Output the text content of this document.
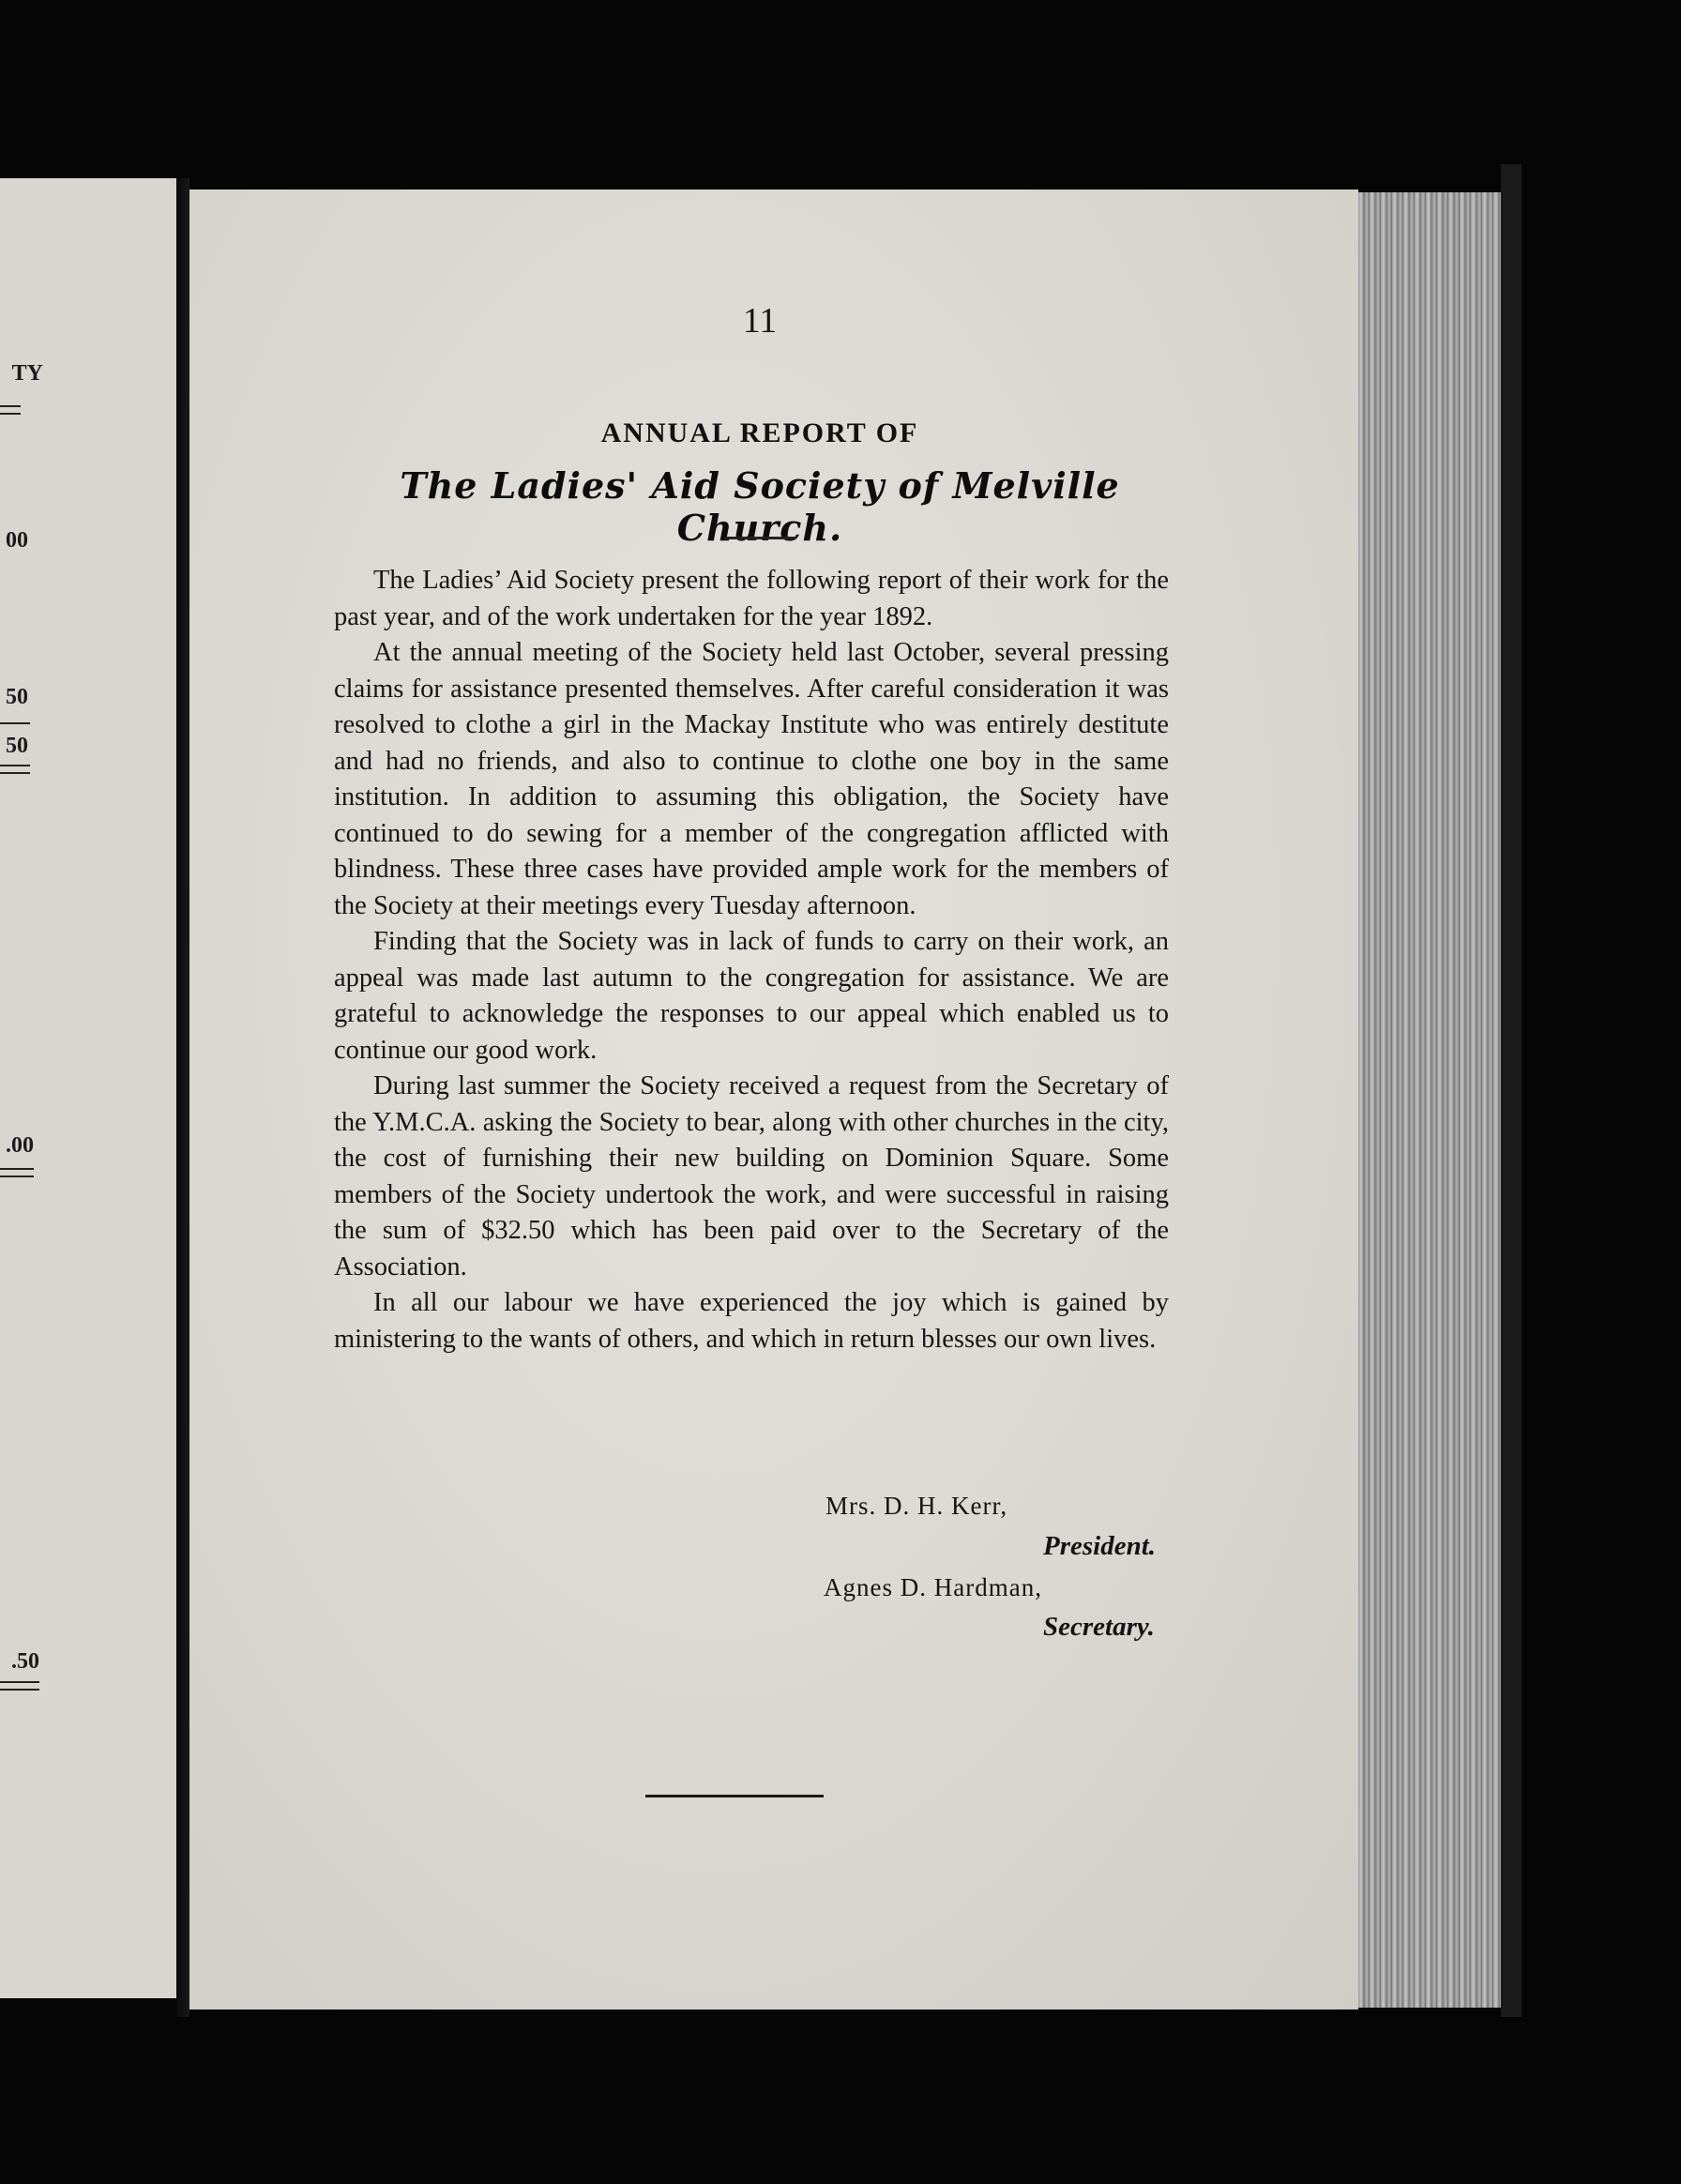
TY
00
50
50
.00
.50
11
ANNUAL REPORT OF
The Ladies' Aid Society of Melville Church.

The Ladies’ Aid Society present the following report of their work for the past year, and of the work undertaken for the year 1892.

At the annual meeting of the Society held last October, several pressing claims for assistance presented themselves. After careful consideration it was resolved to clothe a girl in the Mackay Institute who was entirely destitute and had no friends, and also to continue to clothe one boy in the same institution. In addition to assuming this obligation, the Society have continued to do sewing for a member of the congregation afflicted with blindness. These three cases have provided ample work for the members of the Society at their meetings every Tuesday afternoon.

Finding that the Society was in lack of funds to carry on their work, an appeal was made last autumn to the congregation for assistance. We are grateful to acknowledge the responses to our appeal which enabled us to continue our good work.

During last summer the Society received a request from the Secretary of the Y.M.C.A. asking the Society to bear, along with other churches in the city, the cost of furnishing their new building on Dominion Square. Some members of the Society undertook the work, and were successful in raising the sum of $32.50 which has been paid over to the Secretary of the Association.

In all our labour we have experienced the joy which is gained by ministering to the wants of others, and which in return blesses our own lives.

Mrs. D. H. Kerr,
President.
Agnes D. Hardman,
Secretary.
